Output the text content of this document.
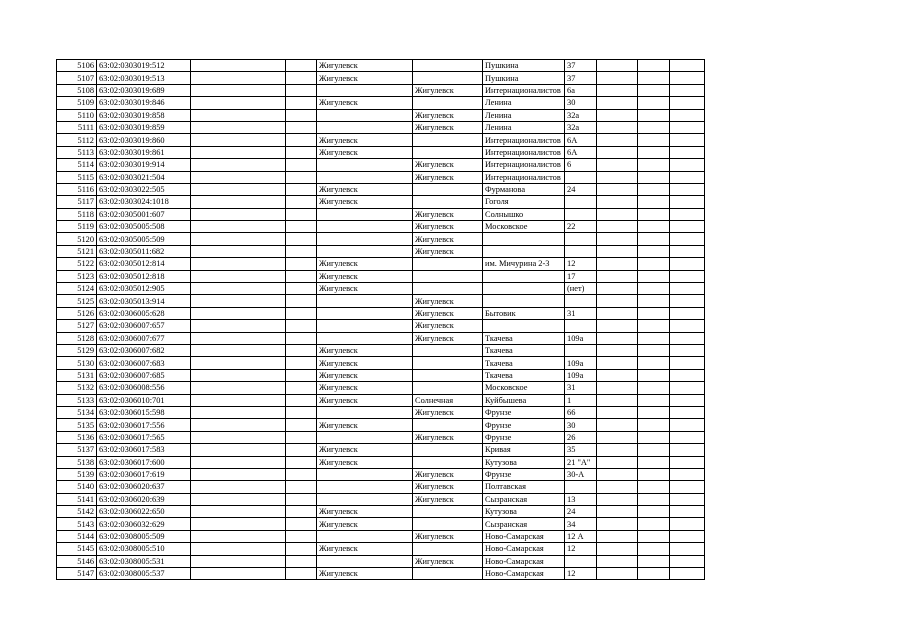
5106	63:02:0303019:512			Жигулевск		Пушкина	37			
5107	63:02:0303019:513			Жигулевск		Пушкина	37			
5108	63:02:0303019:689				Жигулевск	Интернационалистов	6а			
5109	63:02:0303019:846			Жигулевск		Ленина	30			
5110	63:02:0303019:858				Жигулевск	Ленина	32а			
5111	63:02:0303019:859				Жигулевск	Ленина	32а			
5112	63:02:0303019:860			Жигулевск		Интернационалистов	6А			
5113	63:02:0303019:861			Жигулевск		Интернационалистов	6А			
5114	63:02:0303019:914				Жигулевск	Интернационалистов	6			
5115	63:02:0303021:504				Жигулевск	Интернационалистов				
5116	63:02:0303022:505			Жигулевск		Фурманова	24			
5117	63:02:0303024:1018			Жигулевск		Гоголя				
5118	63:02:0305001:607				Жигулевск	Солнышко				
5119	63:02:0305005:508				Жигулевск	Московское	22			
5120	63:02:0305005:509				Жигулевск					
5121	63:02:0305011:682				Жигулевск					
5122	63:02:0305012:814			Жигулевск		им. Мичурина 2-3	12			
5123	63:02:0305012:818			Жигулевск			17			
5124	63:02:0305012:905			Жигулевск			(нет)			
5125	63:02:0305013:914				Жигулевск					
5126	63:02:0306005:628				Жигулевск	Бытовик	31			
5127	63:02:0306007:657				Жигулевск					
5128	63:02:0306007:677				Жигулевск	Ткачева	109а			
5129	63:02:0306007:682			Жигулевск		Ткачева				
5130	63:02:0306007:683			Жигулевск		Ткачева	109а			
5131	63:02:0306007:685			Жигулевск		Ткачева	109а			
5132	63:02:0306008:556			Жигулевск		Московское	31			
5133	63:02:0306010:701			Жигулевск	Солнечная	Куйбышева	1			
5134	63:02:0306015:598				Жигулевск	Фрунзе	66			
5135	63:02:0306017:556			Жигулевск		Фрунзе	30			
5136	63:02:0306017:565				Жигулевск	Фрунзе	26			
5137	63:02:0306017:583			Жигулевск		Кривая	35			
5138	63:02:0306017:600			Жигулевск		Кутузова	21 "А"			
5139	63:02:0306017:619				Жигулевск	Фрунзе	30-А			
5140	63:02:0306020:637				Жигулевск	Полтавская				
5141	63:02:0306020:639				Жигулевск	Сызранская	13			
5142	63:02:0306022:650			Жигулевск		Кутузова	24			
5143	63:02:0306032:629			Жигулевск		Сызранская	34			
5144	63:02:0308005:509				Жигулевск	Ново-Самарская	12 А			
5145	63:02:0308005:510			Жигулевск		Ново-Самарская	12			
5146	63:02:0308005:531				Жигулевск	Ново-Самарская				
5147	63:02:0308005:537			Жигулевск		Ново-Самарская	12			
